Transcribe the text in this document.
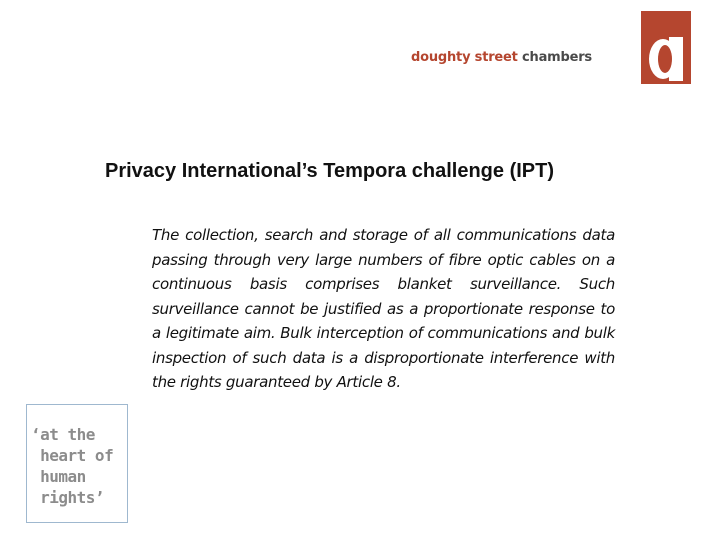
doughty street chambers
Privacy International’s Tempora challenge (IPT)
The collection, search and storage of all communications data passing through very large numbers of fibre optic cables on a continuous basis comprises blanket surveillance. Such surveillance cannot be justified as a proportionate response to a legitimate aim. Bulk interception of communications and bulk inspection of such data is a disproportionate interference with the rights guaranteed by Article 8.
‘at the
heart of
human
rights’
